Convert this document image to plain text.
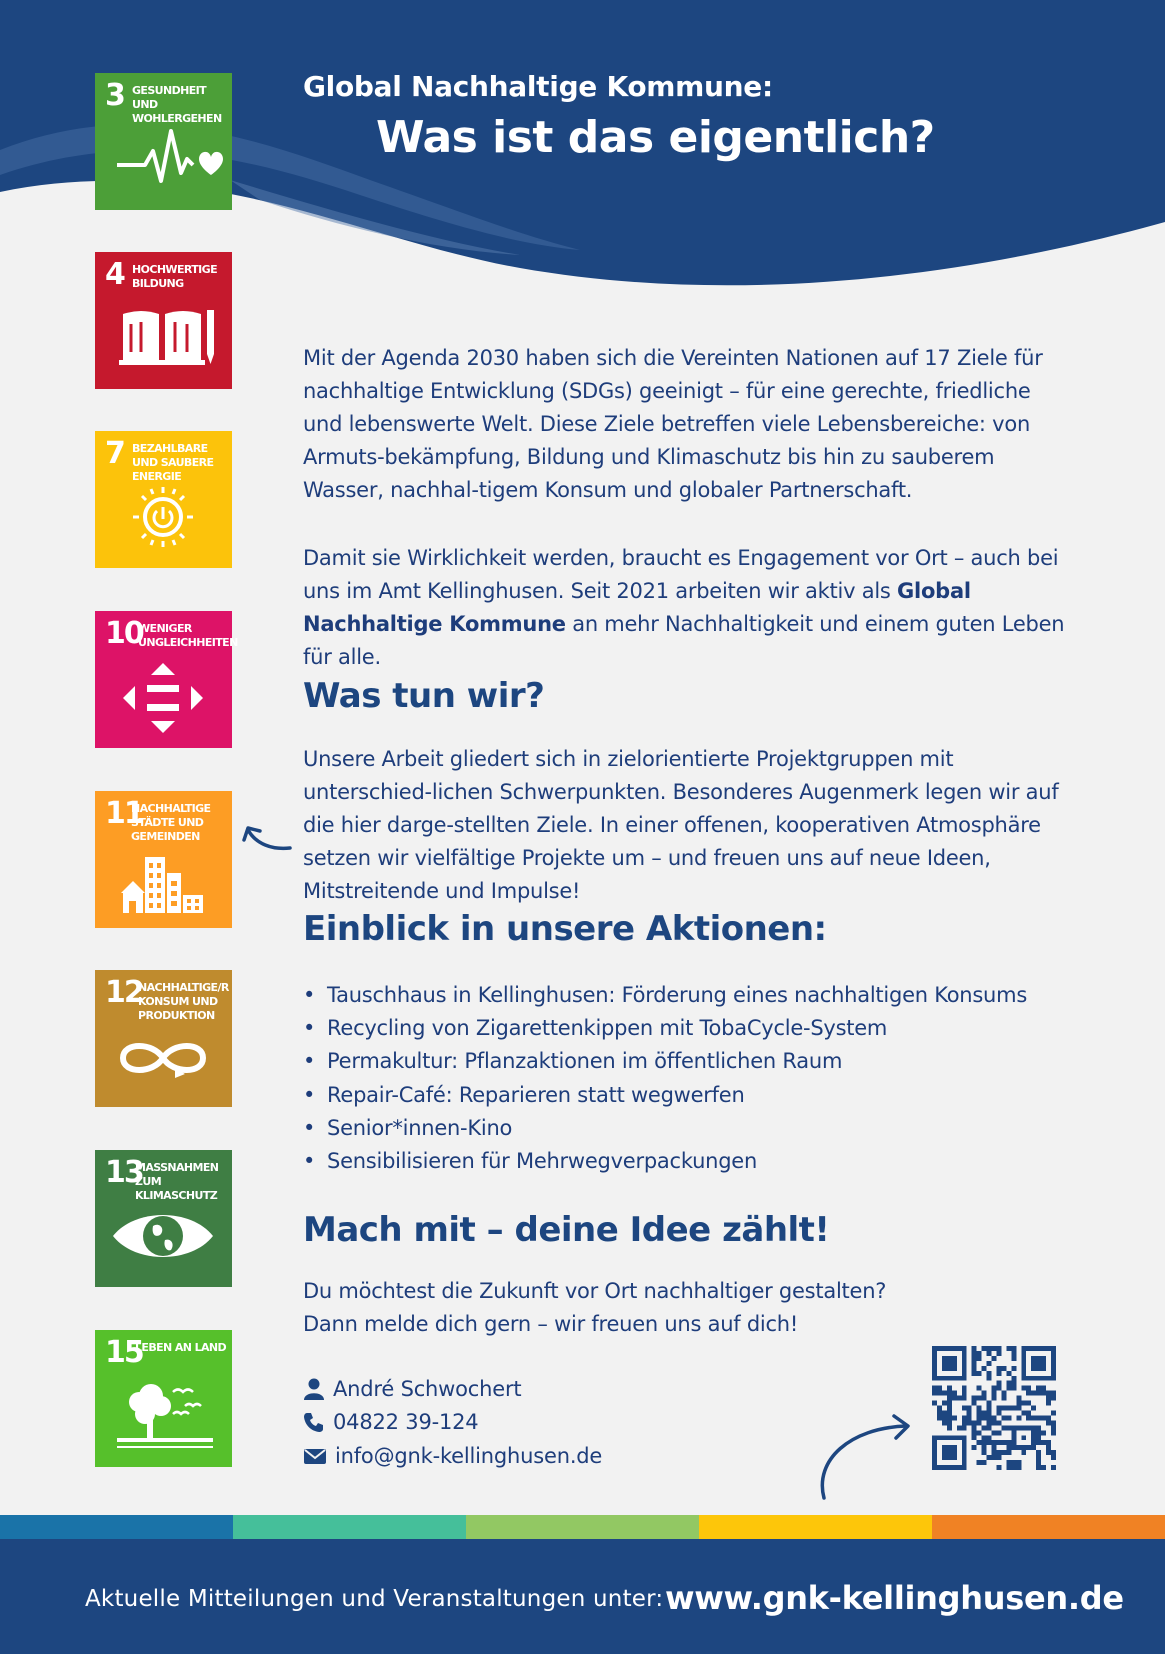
Global Nachhaltige Kommune:
Was ist das eigentlich?
3 GESUNDHEIT UND WOHLERGEHEN
4 HOCHWERTIGE BILDUNG
7 BEZAHLBARE UND SAUBERE ENERGIE
10
WENIGER UNGLEICHHEITEN
11
NACHHALTIGE STÄDTE UND GEMEINDEN
12
NACHHALTIGE/R KONSUM UND PRODUKTION
13
MASSNAHMEN ZUM KLIMASCHUTZ
15
LEBEN AN LAND
Mit der Agenda 2030 haben sich die Vereinten Nationen auf 17 Ziele für nachhaltige Entwicklung (SDGs) geeinigt – für eine gerechte, friedliche und lebenswerte Welt. Diese Ziele betreffen viele Lebensbereiche: von Armuts-bekämpfung, Bildung und Klimaschutz bis hin zu sauberem Wasser, nachhal-tigem Konsum und globaler Partnerschaft.
Damit sie Wirklichkeit werden, braucht es Engagement vor Ort – auch bei uns im Amt Kellinghusen. Seit 2021 arbeiten wir aktiv als Global Nachhaltige Kommune an mehr Nachhaltigkeit und einem guten Leben für alle.
Was tun wir?
Unsere Arbeit gliedert sich in zielorientierte Projektgruppen mit unterschied-lichen Schwerpunkten. Besonderes Augenmerk legen wir auf die hier darge-stellten Ziele. In einer offenen, kooperativen Atmosphäre setzen wir vielfältige Projekte um – und freuen uns auf neue Ideen, Mitstreitende und Impulse!
Einblick in unsere Aktionen:
• Tauschhaus in Kellinghusen: Förderung eines nachhaltigen Konsums
• Recycling von Zigarettenkippen mit TobaCycle-System
• Permakultur: Pflanzaktionen im öffentlichen Raum
• Repair-Café: Reparieren statt wegwerfen
• Senior*innen-Kino
• Sensibilisieren für Mehrwegverpackungen
Mach mit – deine Idee zählt!
Du möchtest die Zukunft vor Ort nachhaltiger gestalten?
Dann melde dich gern – wir freuen uns auf dich!
André Schwochert
04822 39-124
info@gnk-kellinghusen.de
Aktuelle Mitteilungen und Veranstaltungen unter: www.gnk-kellinghusen.de
